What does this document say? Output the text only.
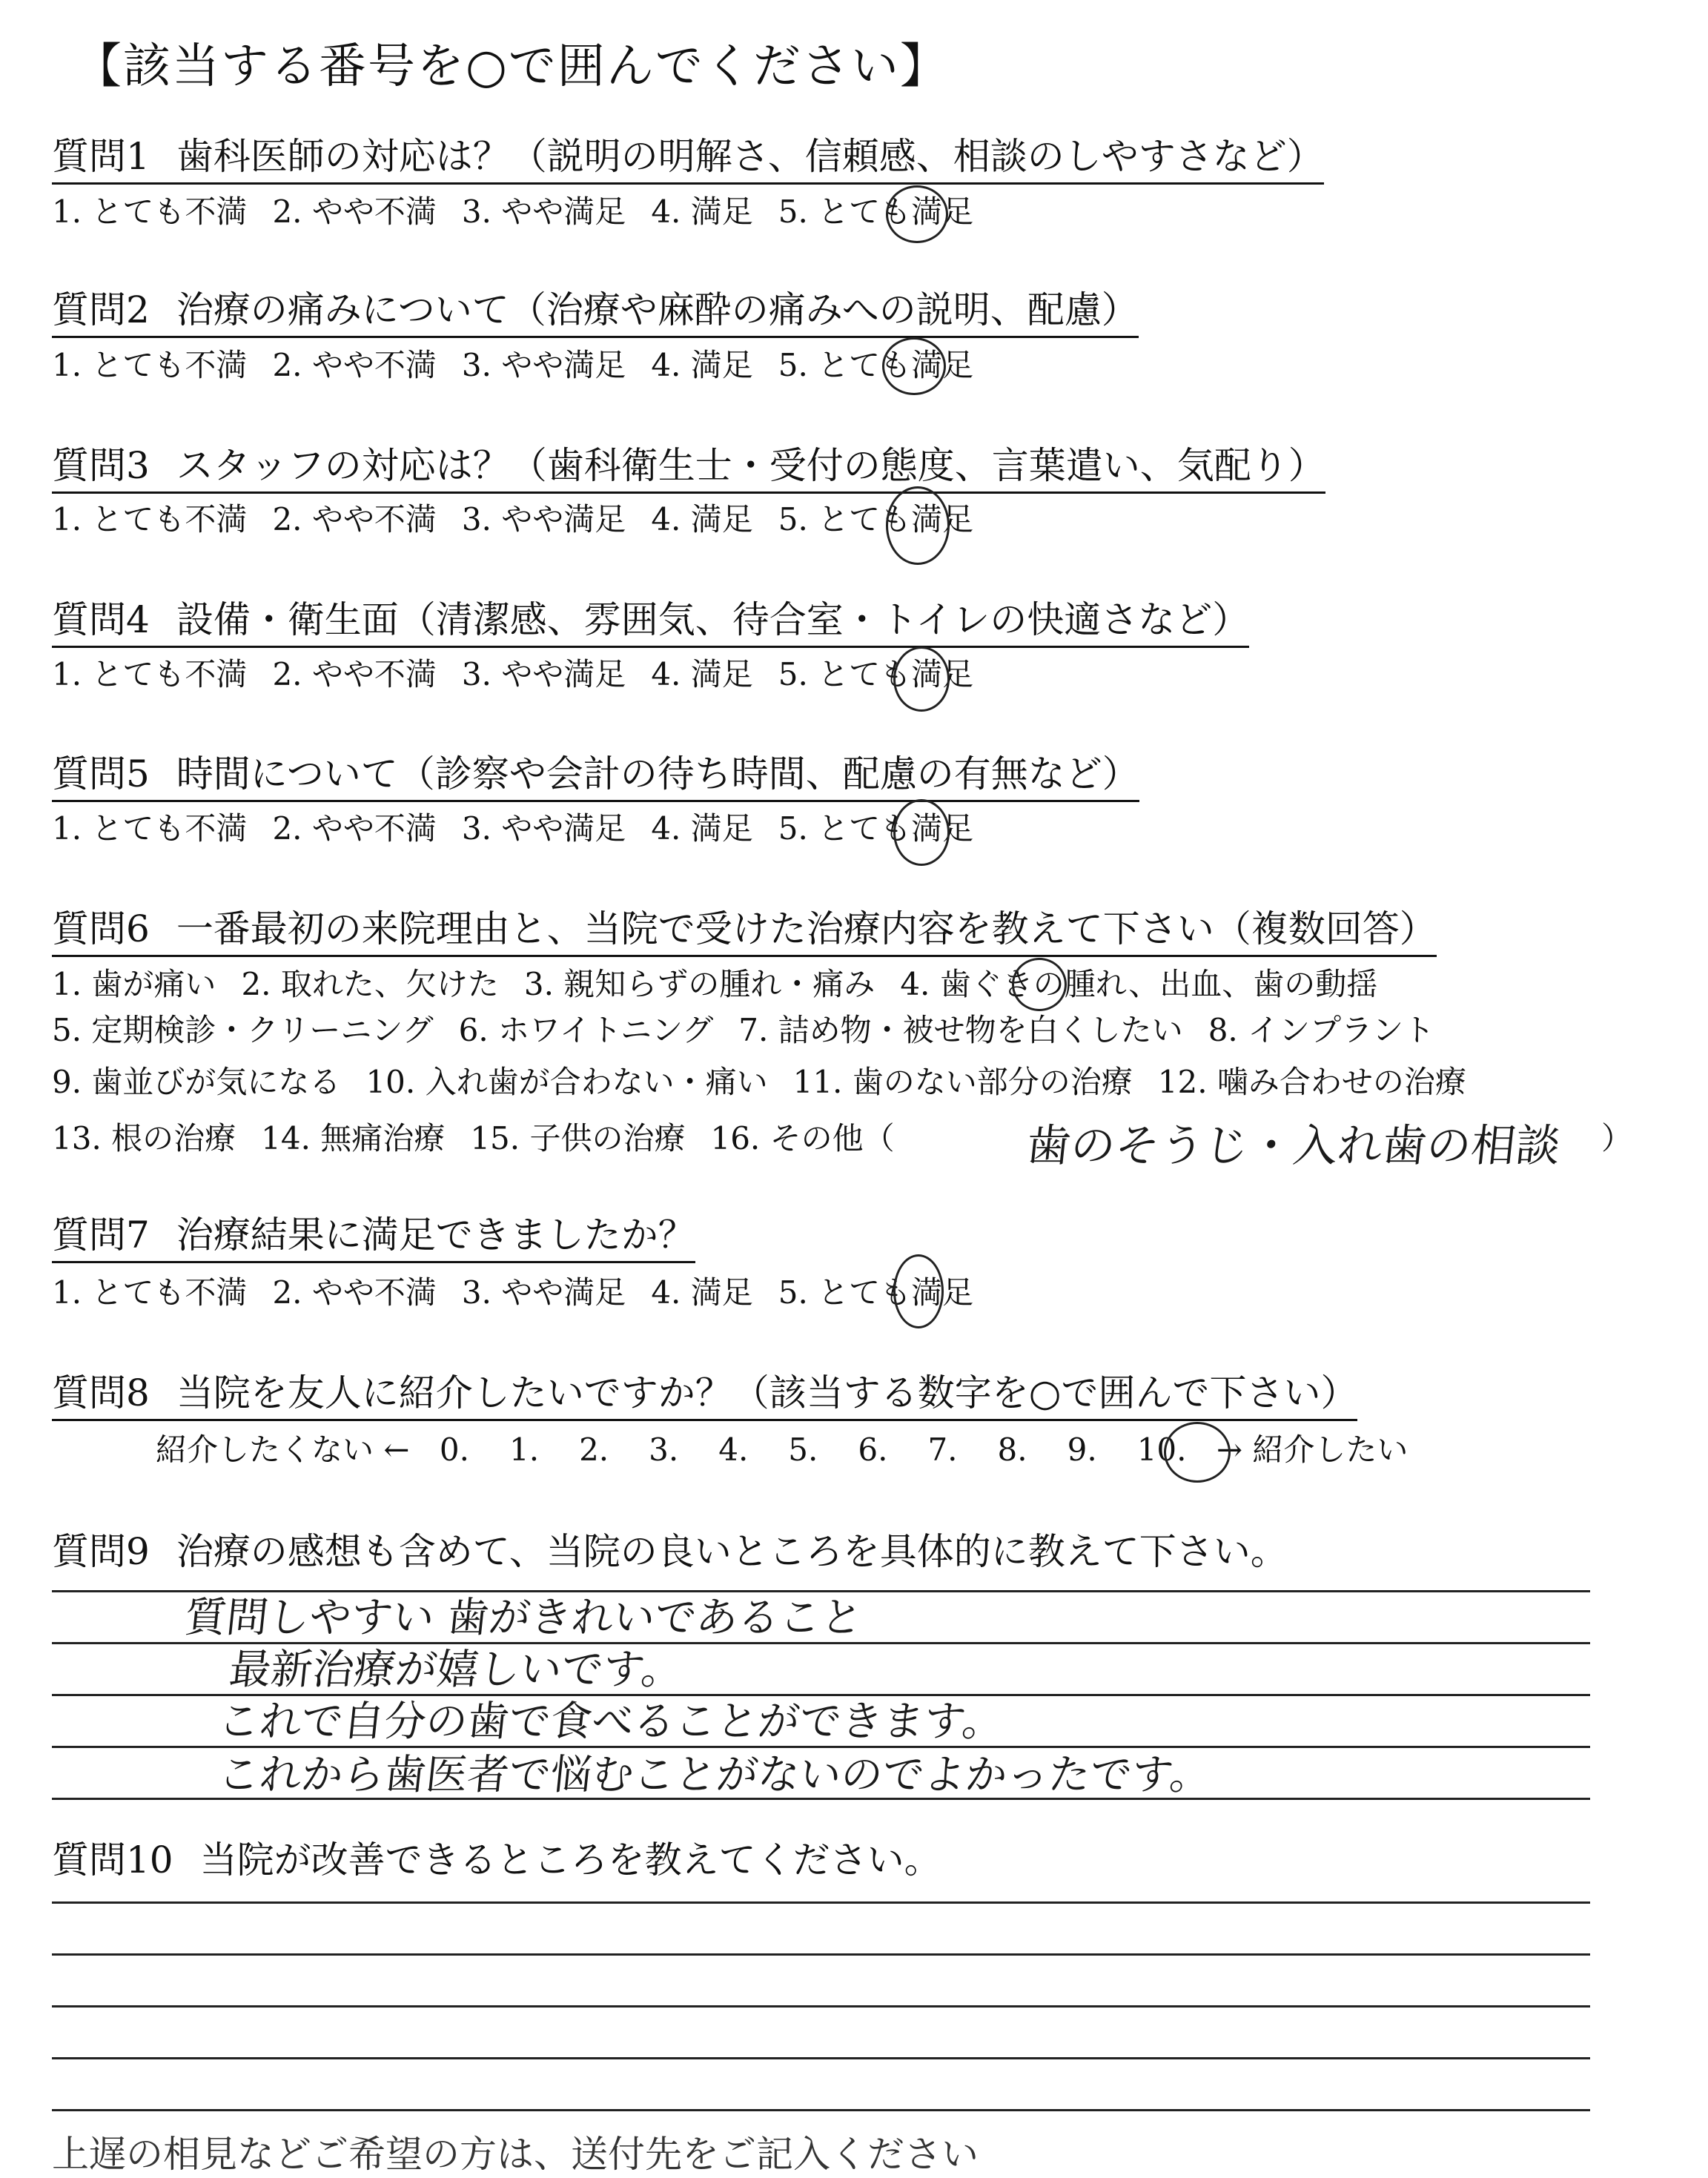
【該当する番号を○で囲んでください】
質問1 歯科医師の対応は？（説明の明解さ、信頼感、相談のしやすさなど）
1. とても不満 2. やや不満 3. やや満足 4. 満足 5. とても満足
質問2 治療の痛みについて（治療や麻酔の痛みへの説明、配慮）
1. とても不満 2. やや不満 3. やや満足 4. 満足 5. とても満足
質問3 スタッフの対応は？（歯科衛生士・受付の態度、言葉遣い、気配り）
1. とても不満 2. やや不満 3. やや満足 4. 満足 5. とても満足
質問4 設備・衛生面（清潔感、雰囲気、待合室・トイレの快適さなど）
1. とても不満 2. やや不満 3. やや満足 4. 満足 5. とても満足
質問5 時間について（診察や会計の待ち時間、配慮の有無など）
1. とても不満 2. やや不満 3. やや満足 4. 満足 5. とても満足
質問6 一番最初の来院理由と、当院で受けた治療内容を教えて下さい（複数回答）
1. 歯が痛い 2. 取れた、欠けた 3. 親知らずの腫れ・痛み 4. 歯ぐきの腫れ、出血、歯の動揺
5. 定期検診・クリーニング 6. ホワイトニング 7. 詰め物・被せ物を白くしたい 8. インプラント
9. 歯並びが気になる 10. 入れ歯が合わない・痛い 11. 歯のない部分の治療 12. 噛み合わせの治療
13. 根の治療 14. 無痛治療 15. 子供の治療 16. その他（	）
歯のそうじ・入れ歯の相談
質問7 治療結果に満足できましたか？
1. とても不満 2. やや不満 3. やや満足 4. 満足 5. とても満足
質問8 当院を友人に紹介したいですか？（該当する数字を○で囲んで下さい）
紹介したくない ← 0. 1. 2. 3. 4. 5. 6. 7. 8. 9. 10. → 紹介したい
質問9 治療の感想も含めて、当院の良いところを具体的に教えて下さい。
質問しやすい 歯がきれいであること
最新治療が嬉しいです。
これで自分の歯で食べることができます。
これから歯医者で悩むことがないのでよかったです。
質問10 当院が改善できるところを教えてください。
上遅の相見などご希望の方は、送付先をご記入ください
